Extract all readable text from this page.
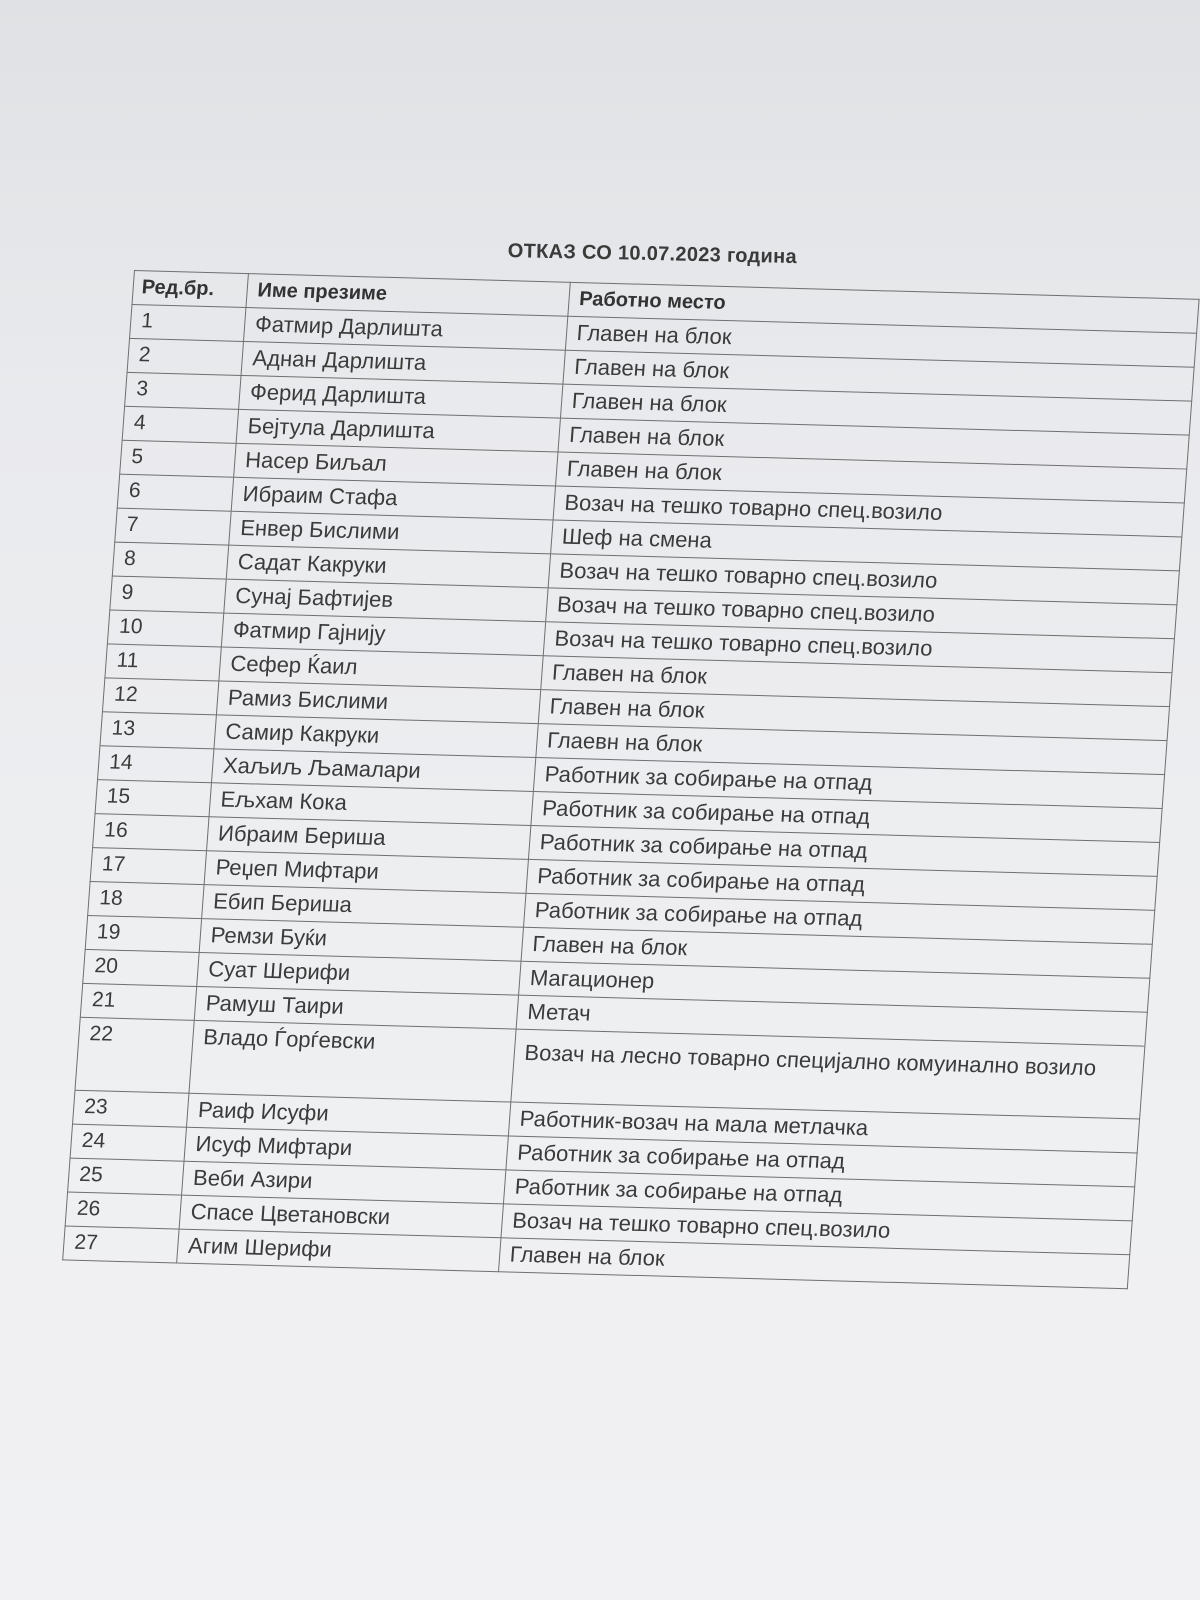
ОТКАЗ СО 10.07.2023 година
Ред.бр.	Име презиме	Работно место
1	Фатмир Дарлишта	Главен на блок
2	Аднан Дарлишта	Главен на блок
3	Ферид Дарлишта	Главен на блок
4	Бејтула Дарлишта	Главен на блок
5	Насер Биљал	Главен на блок
6	Ибраим Стафа	Возач на тешко товарно спец.возило
7	Енвер Бислими	Шеф на смена
8	Садат Какруки	Возач на тешко товарно спец.возило
9	Сунај Бафтијев	Возач на тешко товарно спец.возило
10	Фатмир Гајнију	Возач на тешко товарно спец.возило
11	Сефер Ќаил	Главен на блок
12	Рамиз Бислими	Главен на блок
13	Самир Какруки	Глаевн на блок
14	Хаљиљ Љамалари	Работник за собирање на отпад
15	Ељхам Кока	Работник за собирање на отпад
16	Ибраим Бериша	Работник за собирање на отпад
17	Реџеп Мифтари	Работник за собирање на отпад
18	Ебип Бериша	Работник за собирање на отпад
19	Ремзи Буќи	Главен на блок
20	Суат Шерифи	Магационер
21	Рамуш Таири	Метач
22	Владо Ѓорѓевски	Возач на лесно товарно специјално комуинално возило
23	Раиф Исуфи	Работник-возач на мала метлачка
24	Исуф Мифтари	Работник за собирање на отпад
25	Веби Азири	Работник за собирање на отпад
26	Спасе Цветановски	Возач на тешко товарно спец.возило
27	Агим Шерифи	Главен на блок
